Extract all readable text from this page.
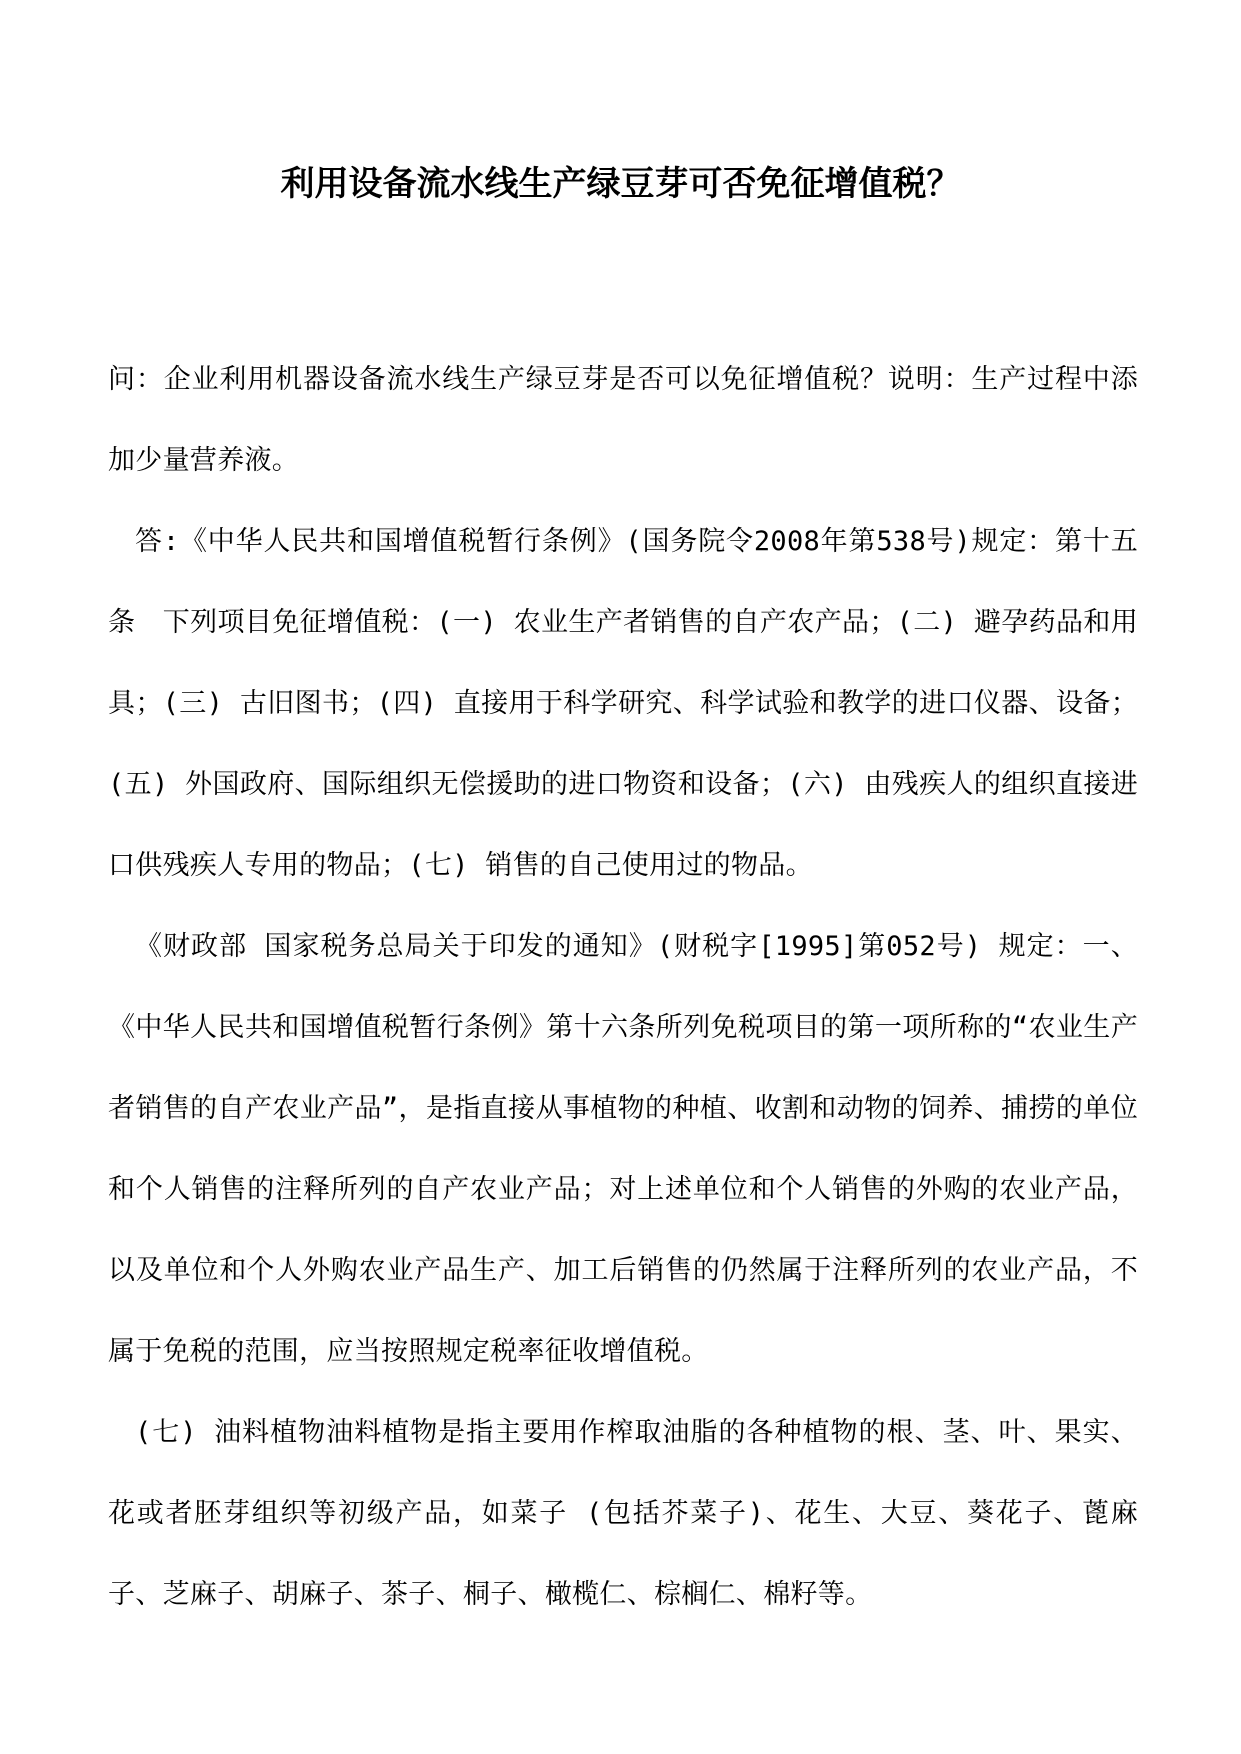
利用设备流水线生产绿豆芽可否免征增值税？

问：企业利用机器设备流水线生产绿豆芽是否可以免征增值税？说明：生产过程中添加少量营养液。

答:《中华人民共和国增值税暂行条例》(国务院令2008年第538号)规定：第十五条　下列项目免征增值税：(一) 农业生产者销售的自产农产品；(二) 避孕药品和用具；(三) 古旧图书；(四) 直接用于科学研究、科学试验和教学的进口仪器、设备；(五) 外国政府、国际组织无偿援助的进口物资和设备；(六) 由残疾人的组织直接进口供残疾人专用的物品；(七) 销售的自己使用过的物品。

《财政部 国家税务总局关于印发的通知》(财税字[1995]第052号) 规定：一、《中华人民共和国增值税暂行条例》第十六条所列免税项目的第一项所称的“农业生产者销售的自产农业产品”，是指直接从事植物的种植、收割和动物的饲养、捕捞的单位和个人销售的注释所列的自产农业产品；对上述单位和个人销售的外购的农业产品，以及单位和个人外购农业产品生产、加工后销售的仍然属于注释所列的农业产品，不属于免税的范围，应当按照规定税率征收增值税。

(七) 油料植物油料植物是指主要用作榨取油脂的各种植物的根、茎、叶、果实、花或者胚芽组织等初级产品，如菜子 (包括芥菜子)、花生、大豆、葵花子、蓖麻子、芝麻子、胡麻子、茶子、桐子、橄榄仁、棕榈仁、棉籽等。
